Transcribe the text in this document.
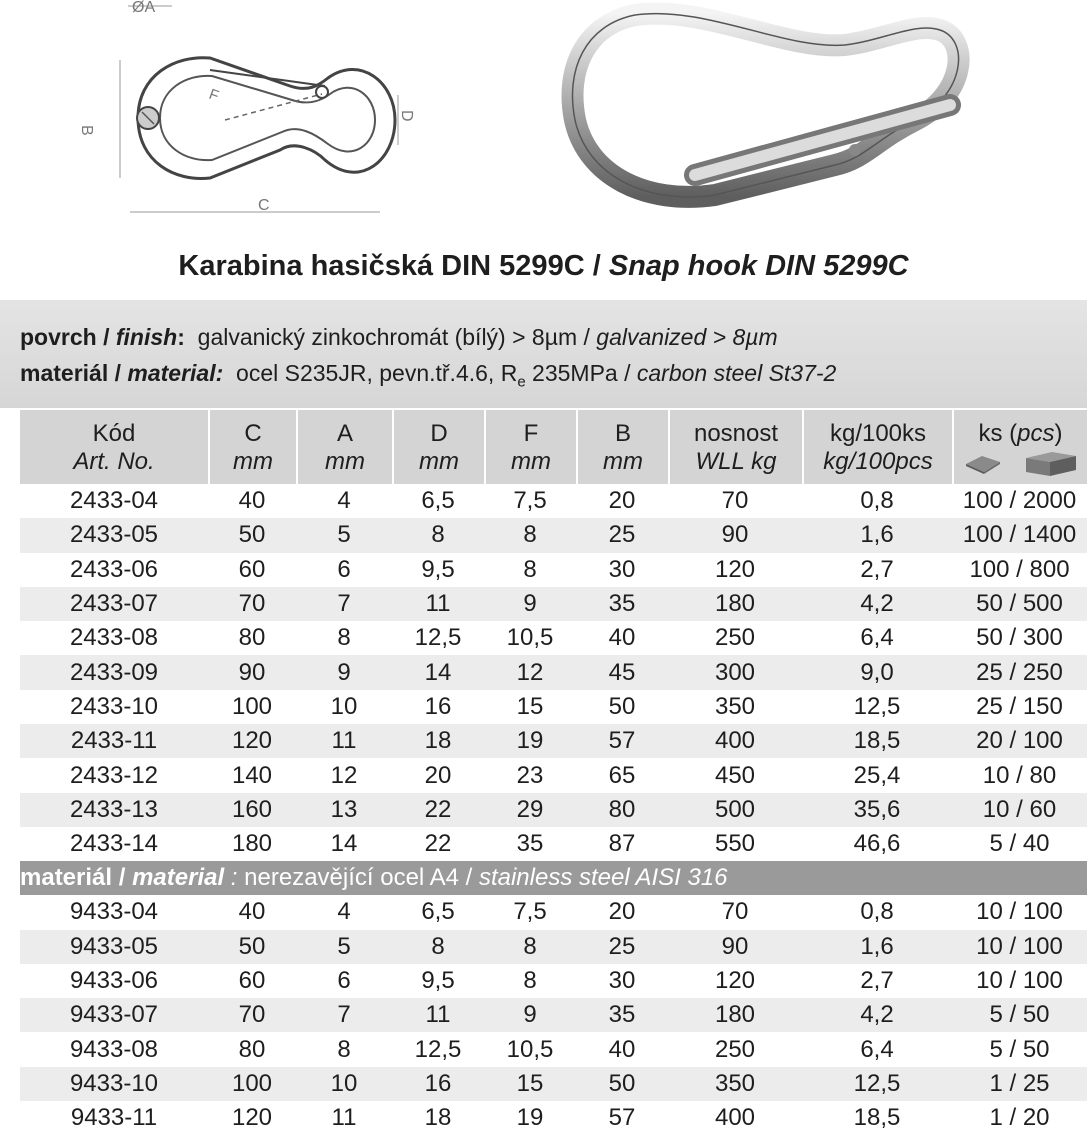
ØA
B
C
D
F
Karabina hasičská DIN 5299C / Snap hook DIN 5299C
povrch / finish: galvanický zinkochromát (bílý) > 8µm / galvanized > 8µm
materiál / material: ocel S235JR, pevn.tř.4.6, $R_e$ 235MPa / carbon steel St37-2
Kód	C	A	D	F	B	nosnost	kg/100ks	ks (pcs)
Art. No.	mm	mm	mm	mm	mm	WLL kg	kg/100pcs	

2433-04	40	4	6,5	7,5	20	70	0,8	100 / 2000
2433-05	50	5	8	8	25	90	1,6	100 / 1400
2433-06	60	6	9,5	8	30	120	2,7	100 / 800
2433-07	70	7	11	9	35	180	4,2	50 / 500
2433-08	80	8	12,5	10,5	40	250	6,4	50 / 300
2433-09	90	9	14	12	45	300	9,0	25 / 250
2433-10	100	10	16	15	50	350	12,5	25 / 150
2433-11	120	11	18	19	57	400	18,5	20 / 100
2433-12	140	12	20	23	65	450	25,4	10 / 80
2433-13	160	13	22	29	80	500	35,6	10 / 60
2433-14	180	14	22	35	87	550	46,6	5 / 40
materiál / material : nerezavějící ocel A4 / stainless steel AISI 316								
9433-04	40	4	6,5	7,5	20	70	0,8	10 / 100
9433-05	50	5	8	8	25	90	1,6	10 / 100
9433-06	60	6	9,5	8	30	120	2,7	10 / 100
9433-07	70	7	11	9	35	180	4,2	5 / 50
9433-08	80	8	12,5	10,5	40	250	6,4	5 / 50
9433-10	100	10	16	15	50	350	12,5	1 / 25
9433-11	120	11	18	19	57	400	18,5	1 / 20
